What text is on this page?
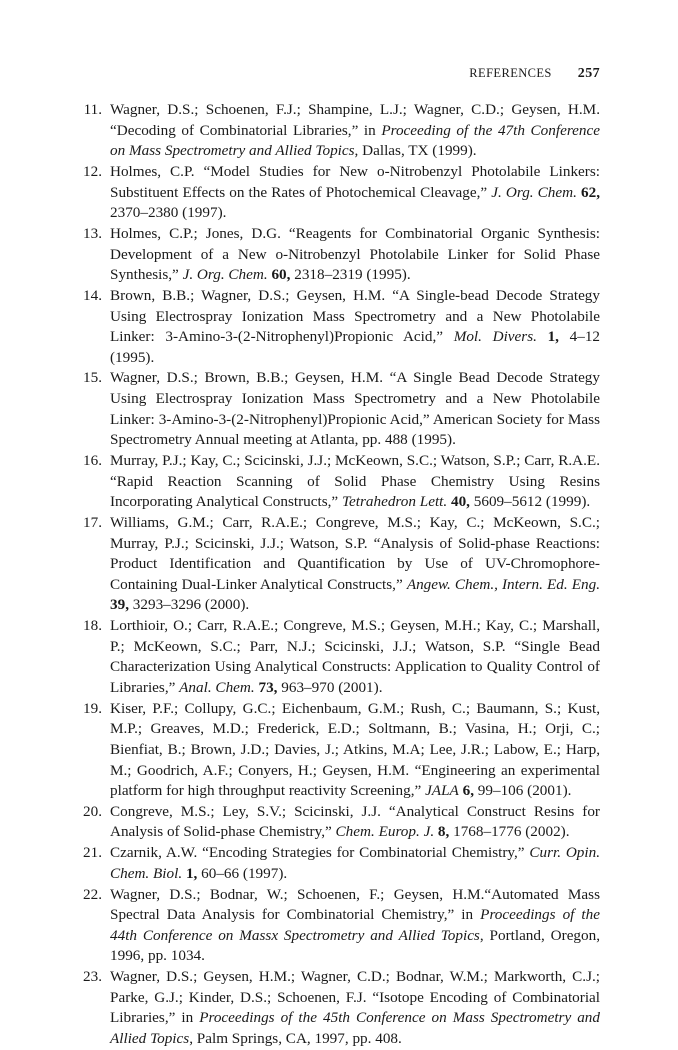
REFERENCES 257
11. Wagner, D.S.; Schoenen, F.J.; Shampine, L.J.; Wagner, C.D.; Geysen, H.M. “Decoding of Combinatorial Libraries,” in Proceeding of the 47th Conference on Mass Spectrometry and Allied Topics, Dallas, TX (1999).
12. Holmes, C.P. “Model Studies for New o-Nitrobenzyl Photolabile Linkers: Substituent Effects on the Rates of Photochemical Cleavage,” J. Org. Chem. 62, 2370–2380 (1997).
13. Holmes, C.P.; Jones, D.G. “Reagents for Combinatorial Organic Synthesis: Development of a New o-Nitrobenzyl Photolabile Linker for Solid Phase Synthesis,” J. Org. Chem. 60, 2318–2319 (1995).
14. Brown, B.B.; Wagner, D.S.; Geysen, H.M. “A Single-bead Decode Strategy Using Electrospray Ionization Mass Spectrometry and a New Photolabile Linker: 3-Amino-3-(2-Nitrophenyl)Propionic Acid,” Mol. Divers. 1, 4–12 (1995).
15. Wagner, D.S.; Brown, B.B.; Geysen, H.M. “A Single Bead Decode Strategy Using Electrospray Ionization Mass Spectrometry and a New Photolabile Linker: 3-Amino-3-(2-Nitrophenyl)Propionic Acid,” American Society for Mass Spectrometry Annual meeting at Atlanta, pp. 488 (1995).
16. Murray, P.J.; Kay, C.; Scicinski, J.J.; McKeown, S.C.; Watson, S.P.; Carr, R.A.E. “Rapid Reaction Scanning of Solid Phase Chemistry Using Resins Incorporating Analytical Constructs,” Tetrahedron Lett. 40, 5609–5612 (1999).
17. Williams, G.M.; Carr, R.A.E.; Congreve, M.S.; Kay, C.; McKeown, S.C.; Murray, P.J.; Scicinski, J.J.; Watson, S.P. “Analysis of Solid-phase Reactions: Product Identification and Quantification by Use of UV-Chromophore-Containing Dual-Linker Analytical Constructs,” Angew. Chem., Intern. Ed. Eng. 39, 3293–3296 (2000).
18. Lorthioir, O.; Carr, R.A.E.; Congreve, M.S.; Geysen, M.H.; Kay, C.; Marshall, P.; McKeown, S.C.; Parr, N.J.; Scicinski, J.J.; Watson, S.P. “Single Bead Characterization Using Analytical Constructs: Application to Quality Control of Libraries,” Anal. Chem. 73, 963–970 (2001).
19. Kiser, P.F.; Collupy, G.C.; Eichenbaum, G.M.; Rush, C.; Baumann, S.; Kust, M.P.; Greaves, M.D.; Frederick, E.D.; Soltmann, B.; Vasina, H.; Orji, C.; Bienfiat, B.; Brown, J.D.; Davies, J.; Atkins, M.A; Lee, J.R.; Labow, E.; Harp, M.; Goodrich, A.F.; Conyers, H.; Geysen, H.M. “Engineering an experimental platform for high throughput reactivity Screening,” JALA 6, 99–106 (2001).
20. Congreve, M.S.; Ley, S.V.; Scicinski, J.J. “Analytical Construct Resins for Analysis of Solid-phase Chemistry,” Chem. Europ. J. 8, 1768–1776 (2002).
21. Czarnik, A.W. “Encoding Strategies for Combinatorial Chemistry,” Curr. Opin. Chem. Biol. 1, 60–66 (1997).
22. Wagner, D.S.; Bodnar, W.; Schoenen, F.; Geysen, H.M.“Automated Mass Spectral Data Analysis for Combinatorial Chemistry,” in Proceedings of the 44th Conference on Massx Spectrometry and Allied Topics, Portland, Oregon, 1996, pp. 1034.
23. Wagner, D.S.; Geysen, H.M.; Wagner, C.D.; Bodnar, W.M.; Markworth, C.J.; Parke, G.J.; Kinder, D.S.; Schoenen, F.J. “Isotope Encoding of Combinatorial Libraries,” in Proceedings of the 45th Conference on Mass Spectrometry and Allied Topics, Palm Springs, CA, 1997, pp. 408.
